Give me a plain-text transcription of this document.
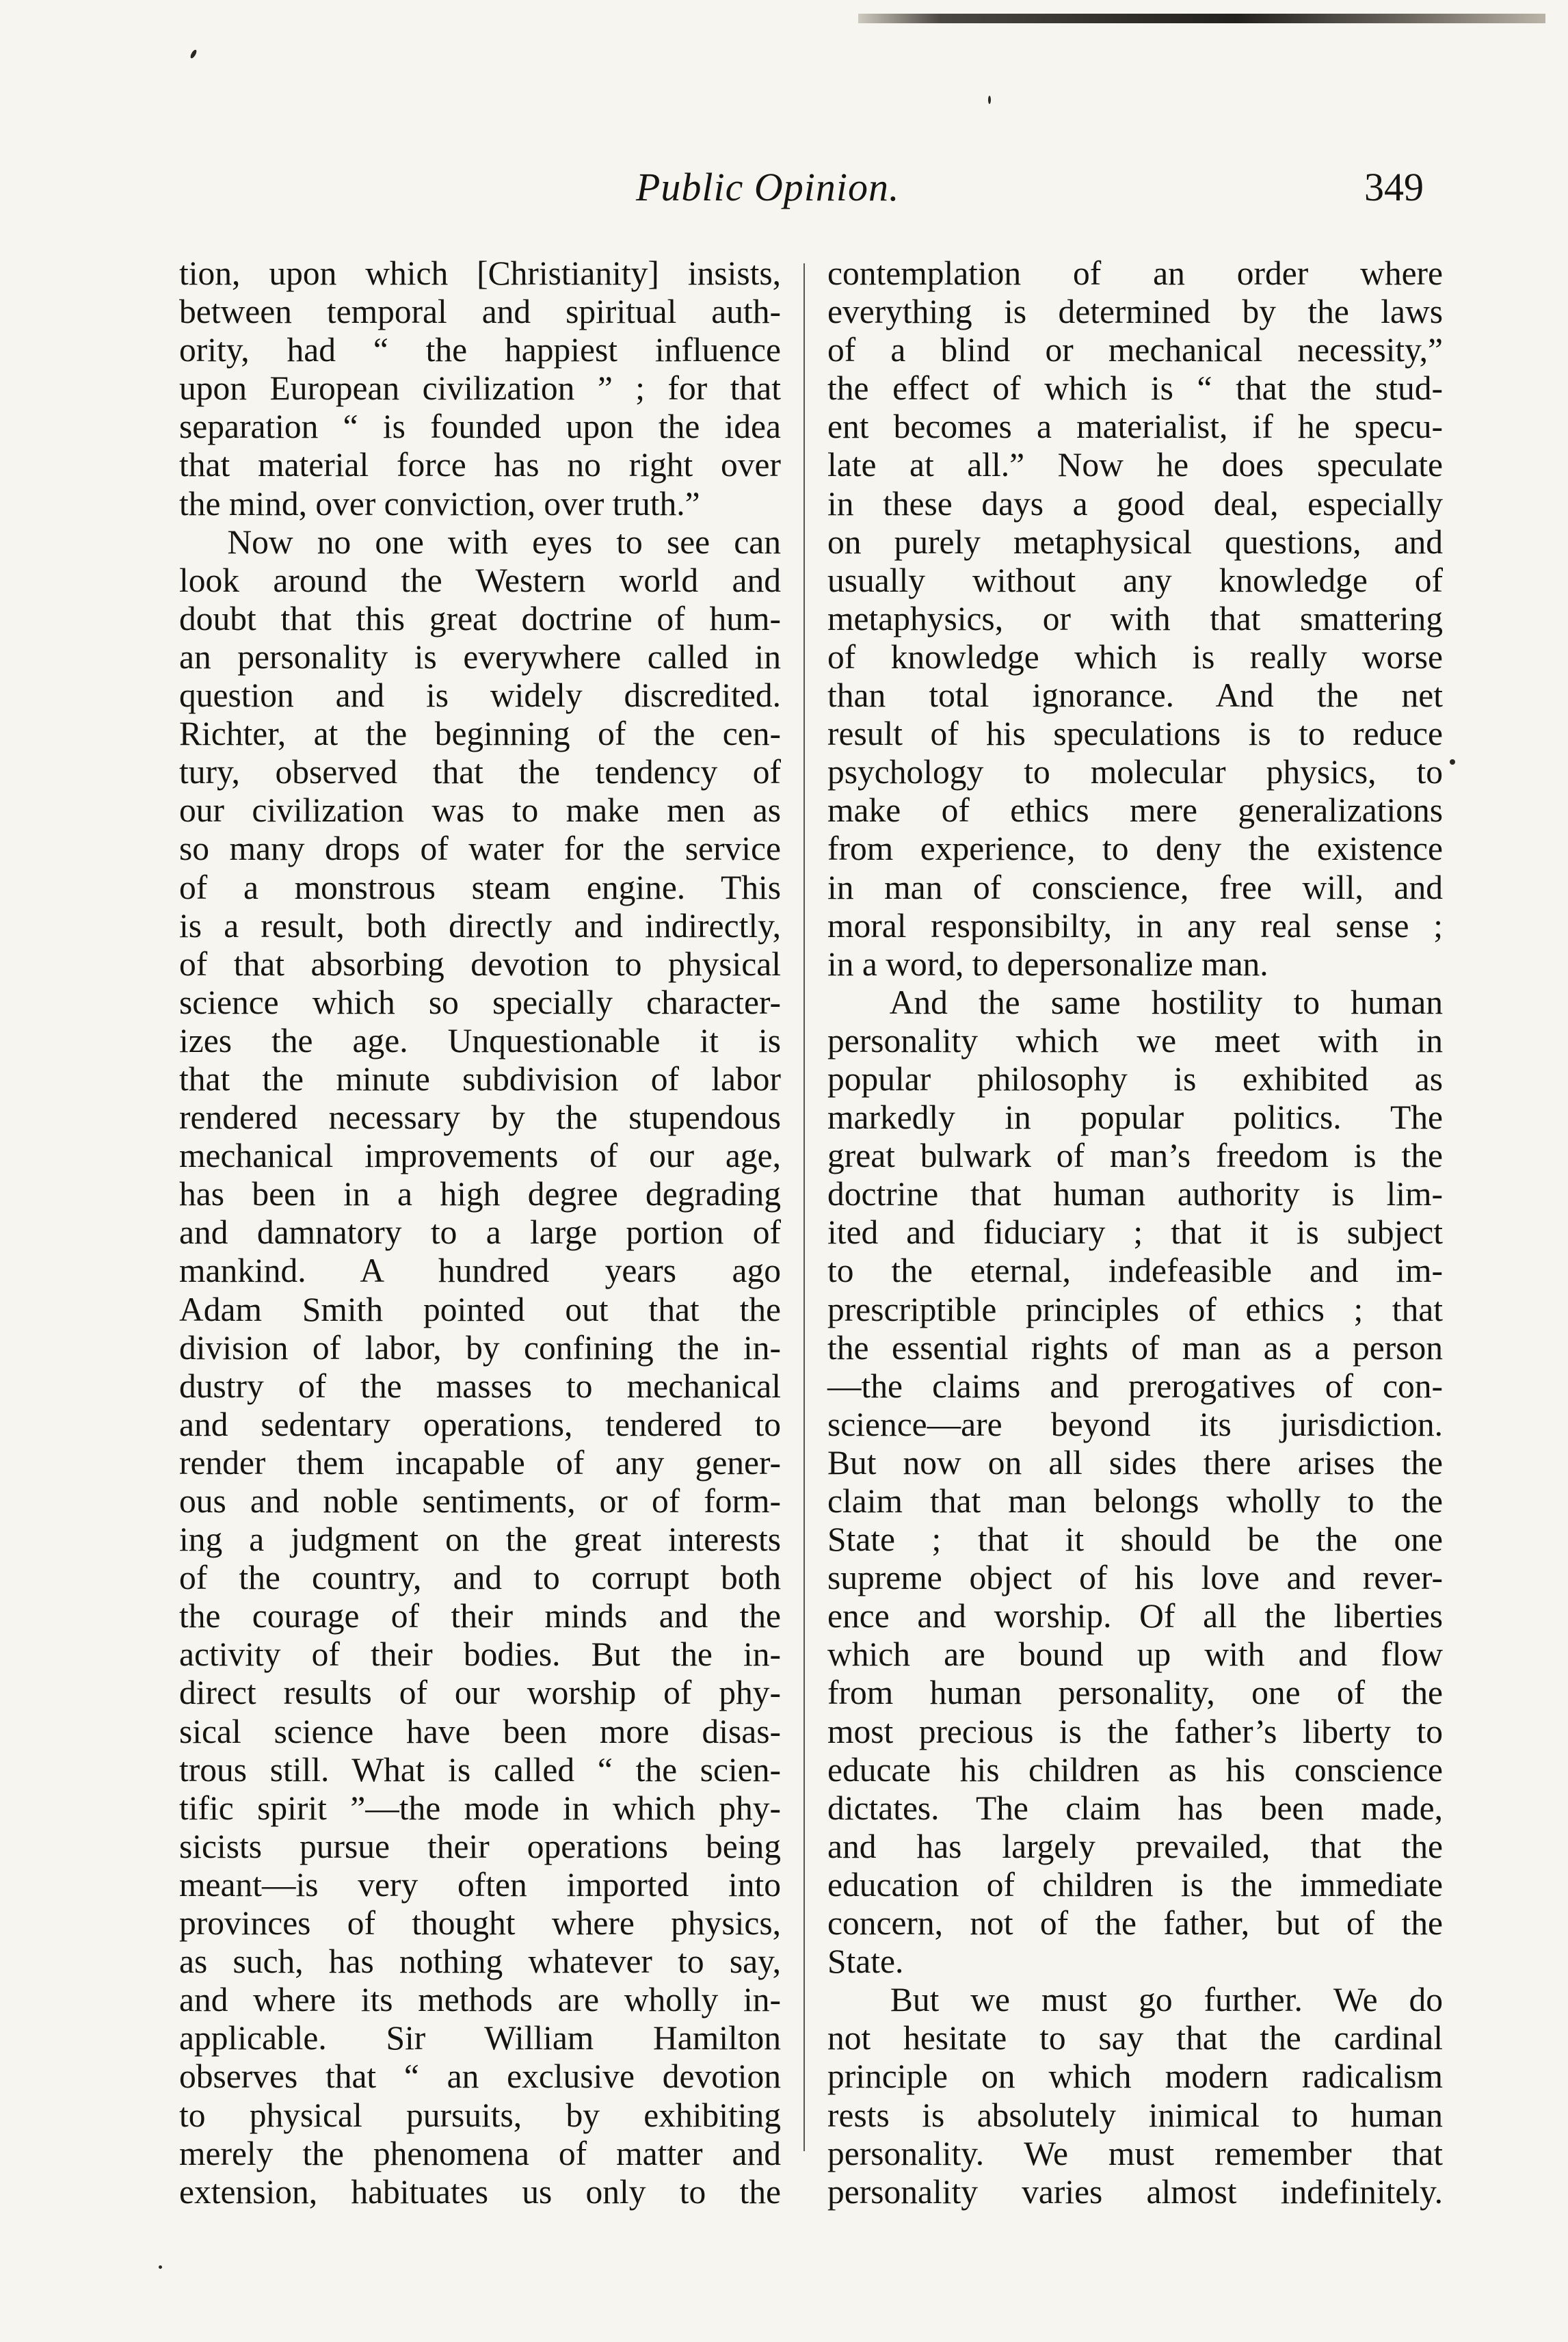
Public Opinion.	349
tion, upon which [Christianity] insists,
between temporal and spiritual auth-
ority, had “ the happiest influence
upon European civilization ” ; for that
separation “ is founded upon the idea
that material force has no right over
the mind, over conviction, over truth.”
Now no one with eyes to see can
look around the Western world and
doubt that this great doctrine of hum-
an personality is everywhere called in
question and is widely discredited.
Richter, at the beginning of the cen-
tury, observed that the tendency of
our civilization was to make men as
so many drops of water for the service
of a monstrous steam engine. This
is a result, both directly and indirectly,
of that absorbing devotion to physical
science which so specially character-
izes the age. Unquestionable it is
that the minute subdivision of labor
rendered necessary by the stupendous
mechanical improvements of our age,
has been in a high degree degrading
and damnatory to a large portion of
mankind. A hundred years ago
Adam Smith pointed out that the
division of labor, by confining the in-
dustry of the masses to mechanical
and sedentary operations, tendered to
render them incapable of any gener-
ous and noble sentiments, or of form-
ing a judgment on the great interests
of the country, and to corrupt both
the courage of their minds and the
activity of their bodies. But the in-
direct results of our worship of phy-
sical science have been more disas-
trous still. What is called “ the scien-
tific spirit ”—the mode in which phy-
sicists pursue their operations being
meant—is very often imported into
provinces of thought where physics,
as such, has nothing whatever to say,
and where its methods are wholly in-
applicable. Sir William Hamilton
observes that “ an exclusive devotion
to physical pursuits, by exhibiting
merely the phenomena of matter and
extension, habituates us only to the
contemplation of an order where
everything is determined by the laws
of a blind or mechanical necessity,”
the effect of which is “ that the stud-
ent becomes a materialist, if he specu-
late at all.” Now he does speculate
in these days a good deal, especially
on purely metaphysical questions, and
usually without any knowledge of
metaphysics, or with that smattering
of knowledge which is really worse
than total ignorance. And the net
result of his speculations is to reduce
psychology to molecular physics, to
make of ethics mere generalizations
from experience, to deny the existence
in man of conscience, free will, and
moral responsibilty, in any real sense ;
in a word, to depersonalize man.
And the same hostility to human
personality which we meet with in
popular philosophy is exhibited as
markedly in popular politics. The
great bulwark of man’s freedom is the
doctrine that human authority is lim-
ited and fiduciary ; that it is subject
to the eternal, indefeasible and im-
prescriptible principles of ethics ; that
the essential rights of man as a person
—the claims and prerogatives of con-
science—are beyond its jurisdiction.
But now on all sides there arises the
claim that man belongs wholly to the
State ; that it should be the one
supreme object of his love and rever-
ence and worship. Of all the liberties
which are bound up with and flow
from human personality, one of the
most precious is the father’s liberty to
educate his children as his conscience
dictates. The claim has been made,
and has largely prevailed, that the
education of children is the immediate
concern, not of the father, but of the
State.
But we must go further. We do
not hesitate to say that the cardinal
principle on which modern radicalism
rests is absolutely inimical to human
personality. We must remember that
personality varies almost indefinitely.
